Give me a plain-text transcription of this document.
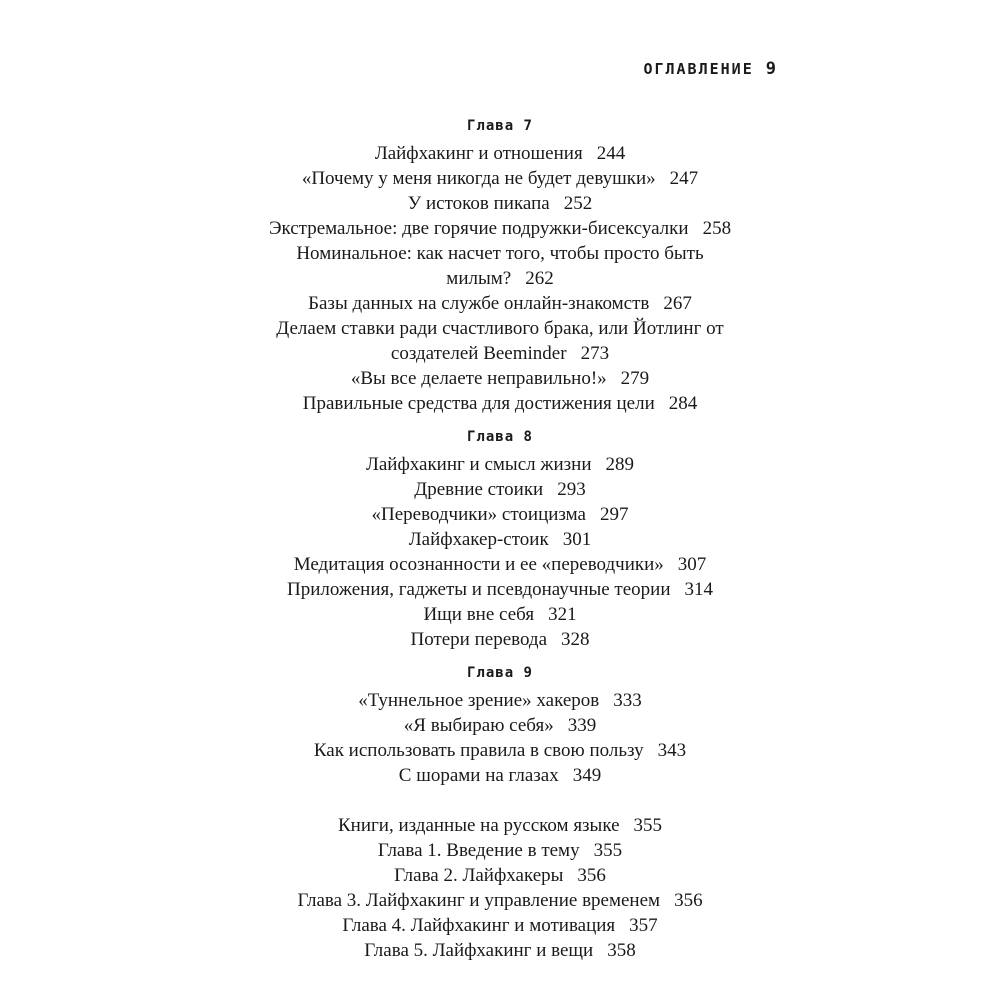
ОГЛАВЛЕНИЕ 9
Глава 7
Лайфхакинг и отношения 244
«Почему у меня никогда не будет девушки» 247
У истоков пикапа 252
Экстремальное: две горячие подружки-бисексуалки 258
Номинальное: как насчет того, чтобы просто быть
милым? 262
Базы данных на службе онлайн-знакомств 267
Делаем ставки ради счастливого брака, или Йотлинг от
создателей Beeminder 273
«Вы все делаете неправильно!» 279
Правильные средства для достижения цели 284
Глава 8
Лайфхакинг и смысл жизни 289
Древние стоики 293
«Переводчики» стоицизма 297
Лайфхакер-стоик 301
Медитация осознанности и ее «переводчики» 307
Приложения, гаджеты и псевдонаучные теории 314
Ищи вне себя 321
Потери перевода 328
Глава 9
«Туннельное зрение» хакеров 333
«Я выбираю себя» 339
Как использовать правила в свою пользу 343
С шорами на глазах 349
Книги, изданные на русском языке 355
Глава 1. Введение в тему 355
Глава 2. Лайфхакеры 356
Глава 3. Лайфхакинг и управление временем 356
Глава 4. Лайфхакинг и мотивация 357
Глава 5. Лайфхакинг и вещи 358
